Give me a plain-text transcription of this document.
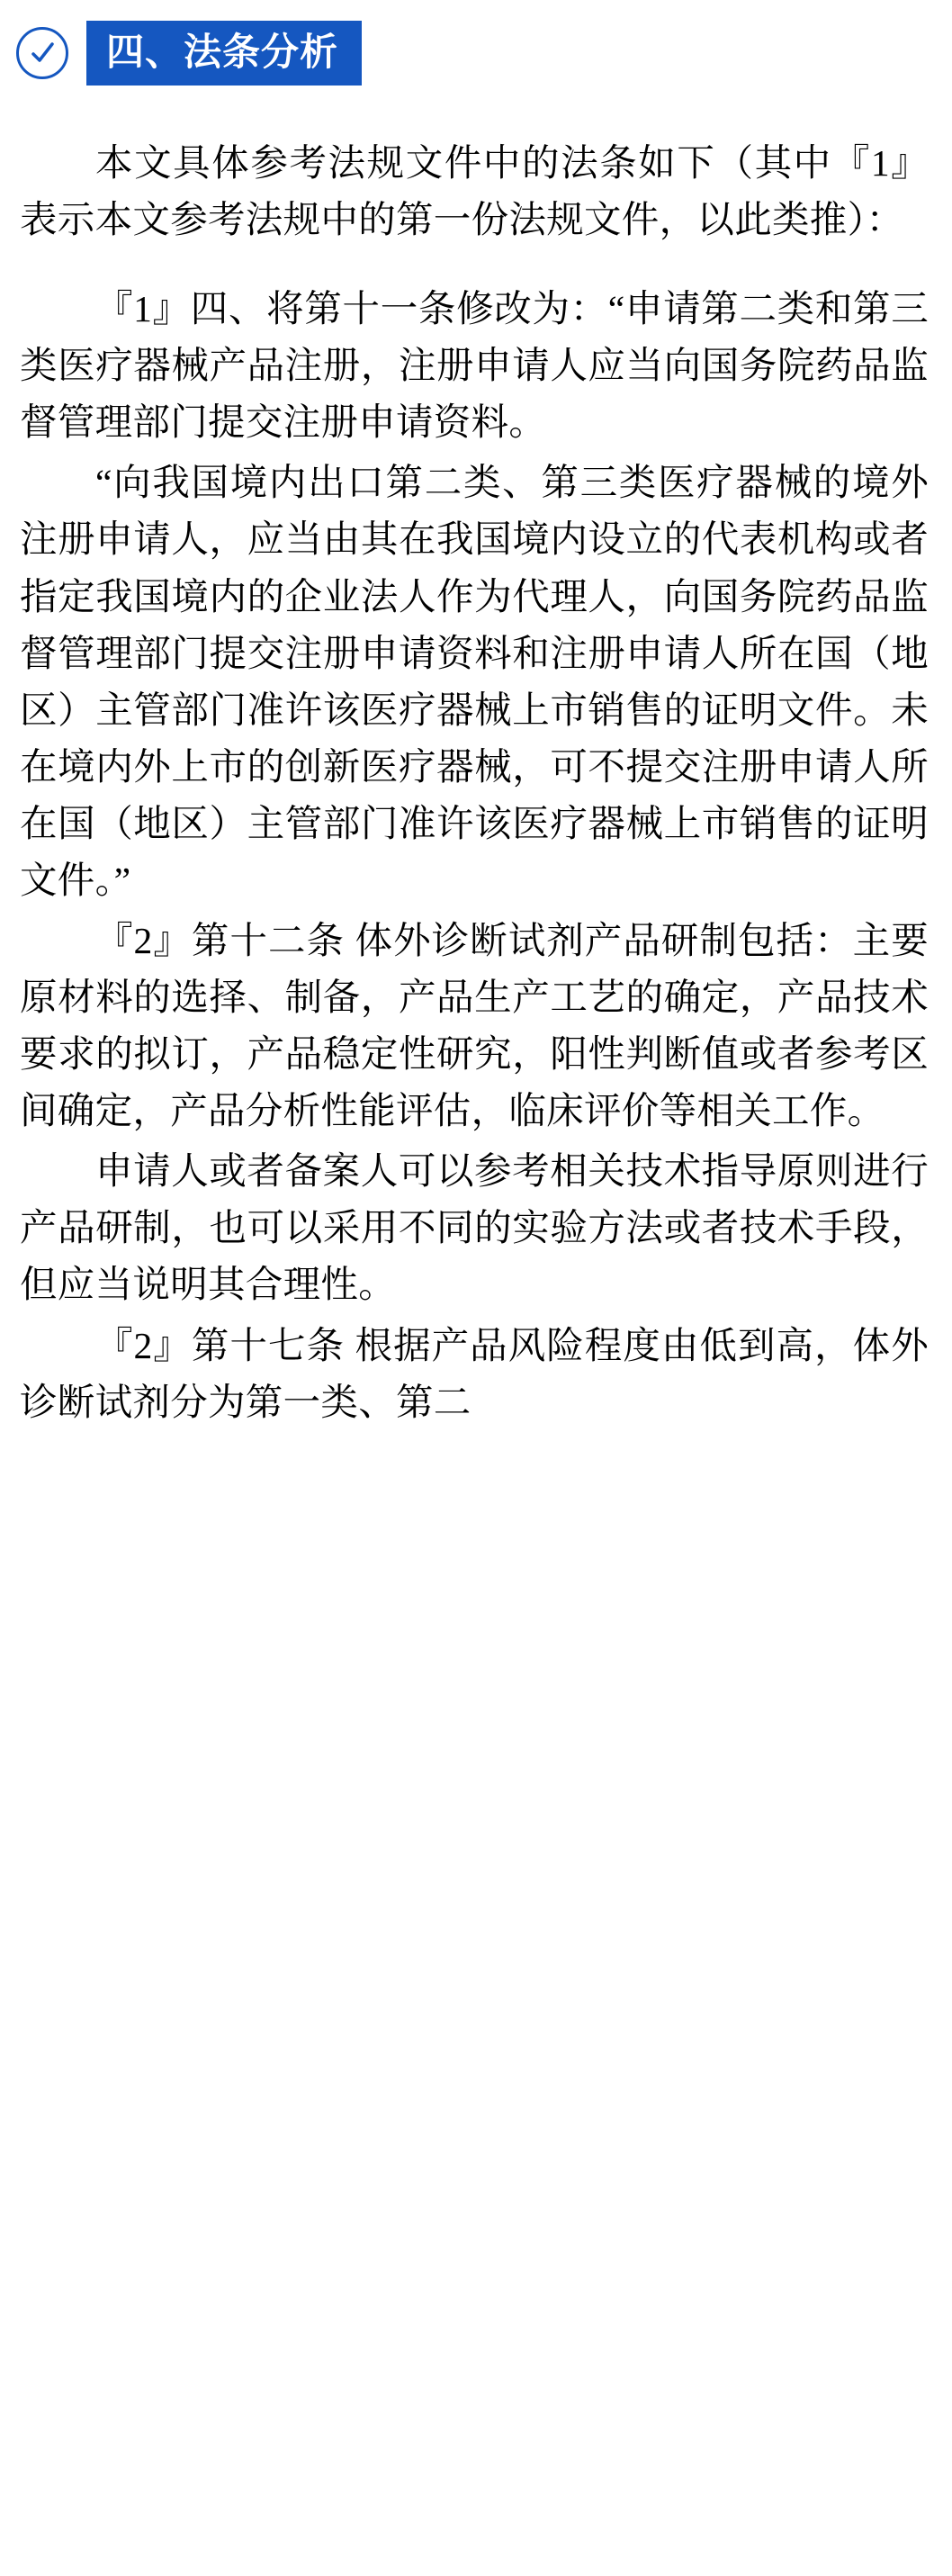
四、法条分析

本文具体参考法规文件中的法条如下（其中『1』表示本文参考法规中的第一份法规文件，以此类推）：

『1』四、将第十一条修改为：“申请第二类和第三类医疗器械产品注册，注册申请人应当向国务院药品监督管理部门提交注册申请资料。

“向我国境内出口第二类、第三类医疗器械的境外注册申请人，应当由其在我国境内设立的代表机构或者指定我国境内的企业法人作为代理人，向国务院药品监督管理部门提交注册申请资料和注册申请人所在国（地区）主管部门准许该医疗器械上市销售的证明文件。未在境内外上市的创新医疗器械，可不提交注册申请人所在国（地区）主管部门准许该医疗器械上市销售的证明文件。”

『2』第十二条 体外诊断试剂产品研制包括：主要原材料的选择、制备，产品生产工艺的确定，产品技术要求的拟订，产品稳定性研究，阳性判断值或者参考区间确定，产品分析性能评估，临床评价等相关工作。

申请人或者备案人可以参考相关技术指导原则进行产品研制，也可以采用不同的实验方法或者技术手段，但应当说明其合理性。

『2』第十七条 根据产品风险程度由低到高，体外诊断试剂分为第一类、第二
